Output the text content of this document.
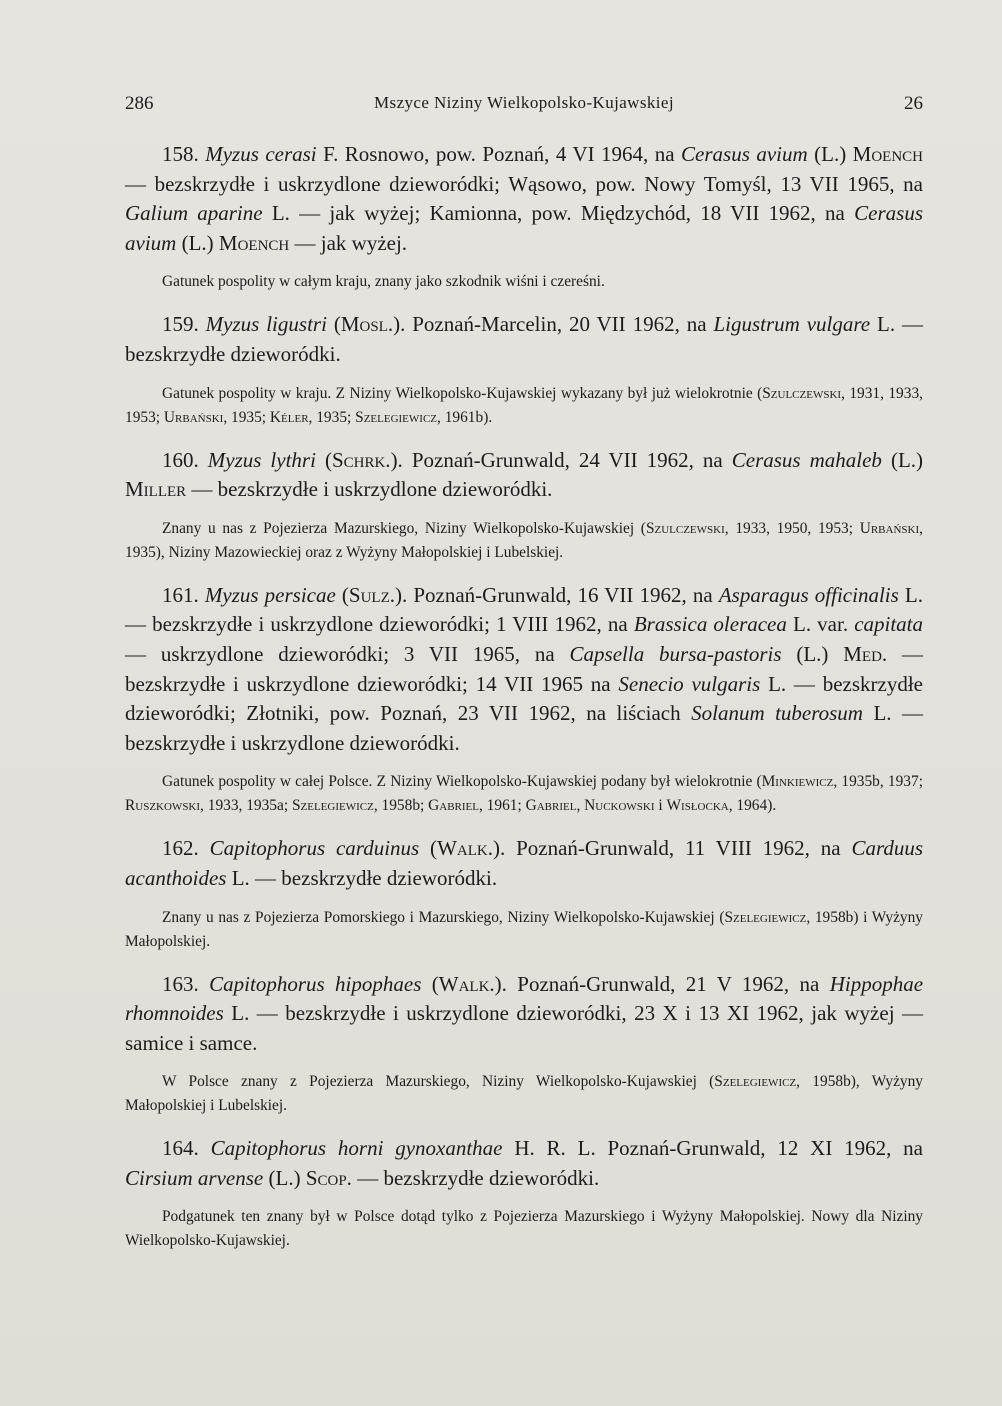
286	Mszyce Niziny Wielkopolsko-Kujawskiej	26

158. Myzus cerasi F. Rosnowo, pow. Poznań, 4 VI 1964, na Cerasus avium (L.) Moench — bezskrzydłe i uskrzydlone dzieworódki; Wąsowo, pow. Nowy Tomyśl, 13 VII 1965, na Galium aparine L. — jak wyżej; Kamionna, pow. Międzychód, 18 VII 1962, na Cerasus avium (L.) Moench — jak wyżej.

Gatunek pospolity w całym kraju, znany jako szkodnik wiśni i czereśni.

159. Myzus ligustri (Mosl.). Poznań-Marcelin, 20 VII 1962, na Ligustrum vulgare L. — bezskrzydłe dzieworódki.

Gatunek pospolity w kraju. Z Niziny Wielkopolsko-Kujawskiej wykazany był już wielokrotnie (Szulczewski, 1931, 1933, 1953; Urbański, 1935; Kéler, 1935; Szelegiewicz, 1961b).

160. Myzus lythri (Schrk.). Poznań-Grunwald, 24 VII 1962, na Cerasus mahaleb (L.) Miller — bezskrzydłe i uskrzydlone dzieworódki.

Znany u nas z Pojezierza Mazurskiego, Niziny Wielkopolsko-Kujawskiej (Szulczewski, 1933, 1950, 1953; Urbański, 1935), Niziny Mazowieckiej oraz z Wyżyny Małopolskiej i Lubelskiej.

161. Myzus persicae (Sulz.). Poznań-Grunwald, 16 VII 1962, na Asparagus officinalis L. — bezskrzydłe i uskrzydlone dzieworódki; 1 VIII 1962, na Brassica oleracea L. var. capitata — uskrzydlone dzieworódki; 3 VII 1965, na Capsella bursa-pastoris (L.) Med. — bezskrzydłe i uskrzydlone dzieworódki; 14 VII 1965 na Senecio vulgaris L. — bezskrzydłe dzieworódki; Złotniki, pow. Poznań, 23 VII 1962, na liściach Solanum tuberosum L. — bezskrzydłe i uskrzydlone dzieworódki.

Gatunek pospolity w całej Polsce. Z Niziny Wielkopolsko-Kujawskiej podany był wielokrotnie (Minkiewicz, 1935b, 1937; Ruszkowski, 1933, 1935a; Szelegiewicz, 1958b; Gabriel, 1961; Gabriel, Nuckowski i Wisłocka, 1964).

162. Capitophorus carduinus (Walk.). Poznań-Grunwald, 11 VIII 1962, na Carduus acanthoides L. — bezskrzydłe dzieworódki.

Znany u nas z Pojezierza Pomorskiego i Mazurskiego, Niziny Wielkopolsko-Kujawskiej (Szelegiewicz, 1958b) i Wyżyny Małopolskiej.

163. Capitophorus hipophaes (Walk.). Poznań-Grunwald, 21 V 1962, na Hippophae rhomnoides L. — bezskrzydłe i uskrzydlone dzieworódki, 23 X i 13 XI 1962, jak wyżej — samice i samce.

W Polsce znany z Pojezierza Mazurskiego, Niziny Wielkopolsko-Kujawskiej (Szelegiewicz, 1958b), Wyżyny Małopolskiej i Lubelskiej.

164. Capitophorus horni gynoxanthae H. R. L. Poznań-Grunwald, 12 XI 1962, na Cirsium arvense (L.) Scop. — bezskrzydłe dzieworódki.

Podgatunek ten znany był w Polsce dotąd tylko z Pojezierza Mazurskiego i Wyżyny Małopolskiej. Nowy dla Niziny Wielkopolsko-Kujawskiej.
